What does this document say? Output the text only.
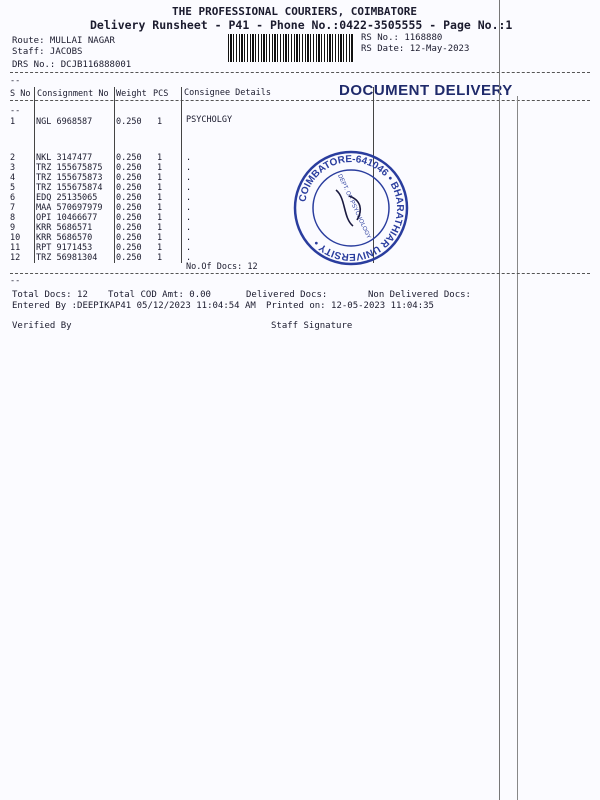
THE PROFESSIONAL COURIERS, COIMBATORE
Delivery Runsheet - P41 - Phone No.:0422-3505555 - Page No.:1
Route: MULLAI NAGAR
Staff: JACOBS
DRS No.: DCJB116888001
RS No.: 1168880
RS Date: 12-May-2023
--
DOCUMENT DELIVERY
S No Consignment No Weight PCS Consignee Details
--
1 NGL 6968587	0.250 1	PSYCHOLGY
2	NKL 3147477	0.250	1	.
3	TRZ 155675875	0.250	1	.
4	TRZ 155675873	0.250	1	.
5	TRZ 155675874	0.250	1	.
6	EDQ 25135065	0.250	1	.
7	MAA 570697979	0.250	1	.
8	OPI 10466677	0.250	1	.
9	KRR 5686571	0.250	1	.
10	KRR 5686570	0.250	1	.
11	RPT 9171453	0.250	1	.
12	TRZ 56981304	0.250	1	.
No.Of Docs: 12
--
Total Docs: 12 Total COD Amt: 0.00	Delivered Docs:	Non Delivered Docs:
Entered By :DEEPIKAP41 05/12/2023 11:04:54 AM Printed on: 12-05-2023 11:04:35
Verified By	Staff Signature
COIMBATORE-641046 • BHARATHIAR UNIVERSITY •
DEPT. OF PSYCHOLOGY
